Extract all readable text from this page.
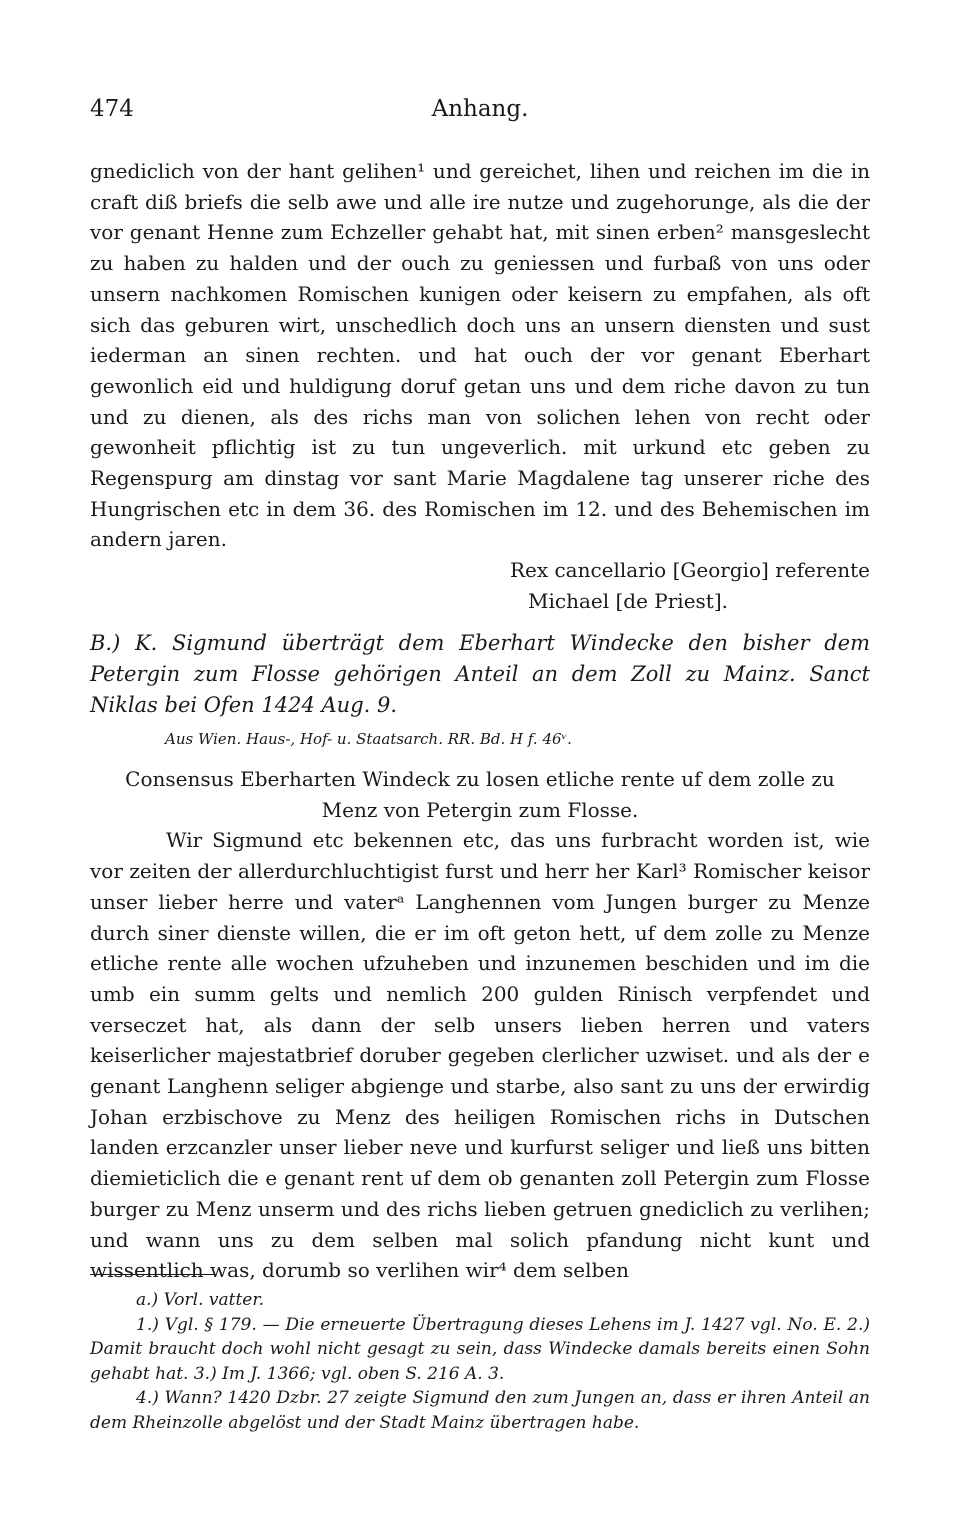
474	Anhang.

gnediclich von der hant gelihen¹ und gereichet, lihen und reichen im die in craft diß briefs die selb awe und alle ire nutze und zugehorunge, als die der vor genant Henne zum Echzeller gehabt hat, mit sinen erben² mansgeslecht zu haben zu halden und der ouch zu geniessen und furbaß von uns oder unsern nachkomen Romischen kunigen oder keisern zu empfahen, als oft sich das geburen wirt, unschedlich doch uns an unsern diensten und sust iederman an sinen rechten. und hat ouch der vor genant Eberhart gewonlich eid und huldigung doruf getan uns und dem riche davon zu tun und zu dienen, als des richs man von solichen lehen von recht oder gewonheit pflichtig ist zu tun ungeverlich. mit urkund etc geben zu Regenspurg am dinstag vor sant Marie Magdalene tag unserer riche des Hungrischen etc in dem 36. des Romischen im 12. und des Behemischen im andern jaren.

Rex cancellario [Georgio] referente

Michael [de Priest].

B.) K. Sigmund überträgt dem Eberhart Windecke den bisher dem Petergin zum Flosse gehörigen Anteil an dem Zoll zu Mainz. Sanct Niklas bei Ofen 1424 Aug. 9.
Aus Wien. Haus-, Hof- u. Staatsarch. RR. Bd. H f. 46ᵛ.

Consensus Eberharten Windeck zu losen etliche rente uf dem zolle zu Menz von Petergin zum Flosse.

Wir Sigmund etc bekennen etc, das uns furbracht worden ist, wie vor zeiten der allerdurchluchtigist furst und herr her Karl³ Romischer keisor unser lieber herre und vaterᵃ Langhennen vom Jungen burger zu Menze durch siner dienste willen, die er im oft geton hett, uf dem zolle zu Menze etliche rente alle wochen ufzuheben und inzunemen beschiden und im die umb ein summ gelts und nemlich 200 gulden Rinisch verpfendet und verseczet hat, als dann der selb unsers lieben herren und vaters keiserlicher majestatbrief doruber gegeben clerlicher uzwiset. und als der e genant Langhenn seliger abgienge und starbe, also sant zu uns der erwirdig Johan erzbischove zu Menz des heiligen Romischen richs in Dutschen landen erzcanzler unser lieber neve und kurfurst seliger und ließ uns bitten diemieticlich die e genant rent uf dem ob genanten zoll Petergin zum Flosse burger zu Menz unserm und des richs lieben getruen gnediclich zu verlihen; und wann uns zu dem selben mal solich pfandung nicht kunt und wissentlich was, dorumb so verlihen wir⁴ dem selben

a.) Vorl. vatter.

1.) Vgl. § 179. — Die erneuerte Übertragung dieses Lehens im J. 1427 vgl. No. E. 2.) Damit braucht doch wohl nicht gesagt zu sein, dass Windecke damals bereits einen Sohn gehabt hat. 3.) Im J. 1366; vgl. oben S. 216 A. 3.

4.) Wann? 1420 Dzbr. 27 zeigte Sigmund den zum Jungen an, dass er ihren Anteil an dem Rheinzolle abgelöst und der Stadt Mainz übertragen habe.
